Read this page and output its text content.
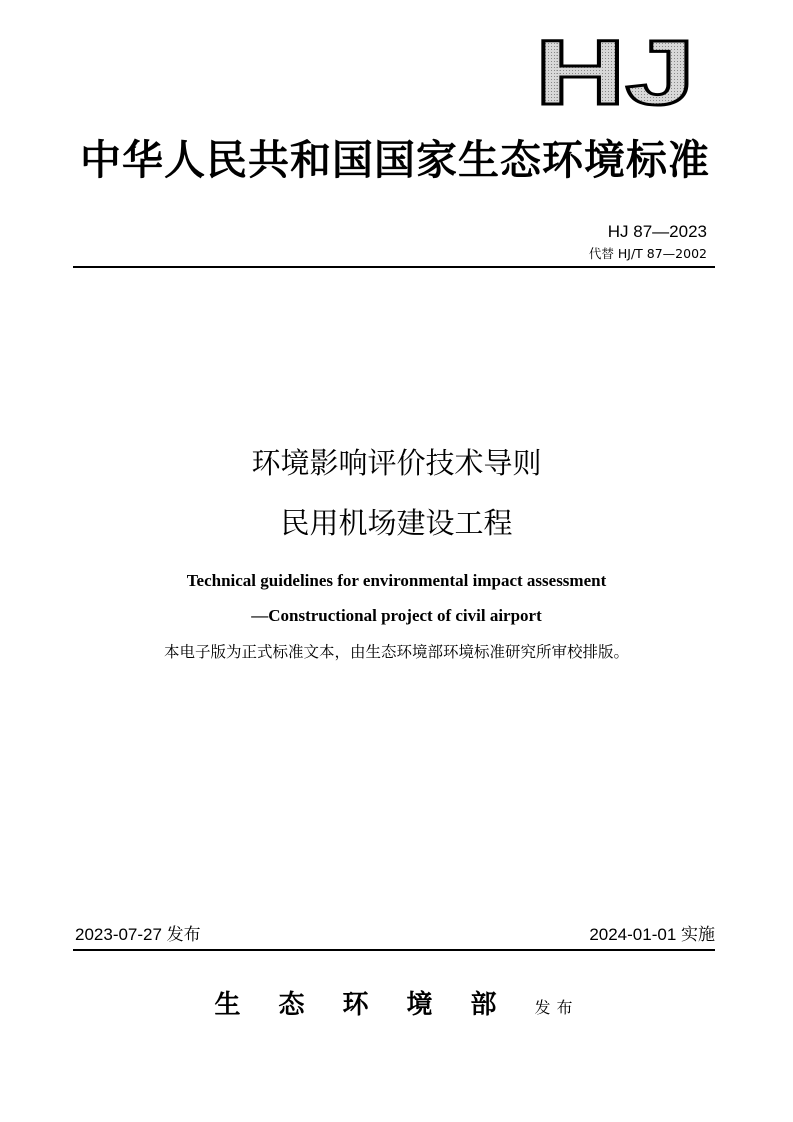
HJ
中华人民共和国国家生态环境标准
HJ 87—2023
代替 HJ/T 87—2002
环境影响评价技术导则
民用机场建设工程
Technical guidelines for environmental impact assessment
—Constructional project of civil airport
本电子版为正式标准文本，由生态环境部环境标准研究所审校排版。
2023-07-27 发布	2024-01-01 实施
生态环境部发布
